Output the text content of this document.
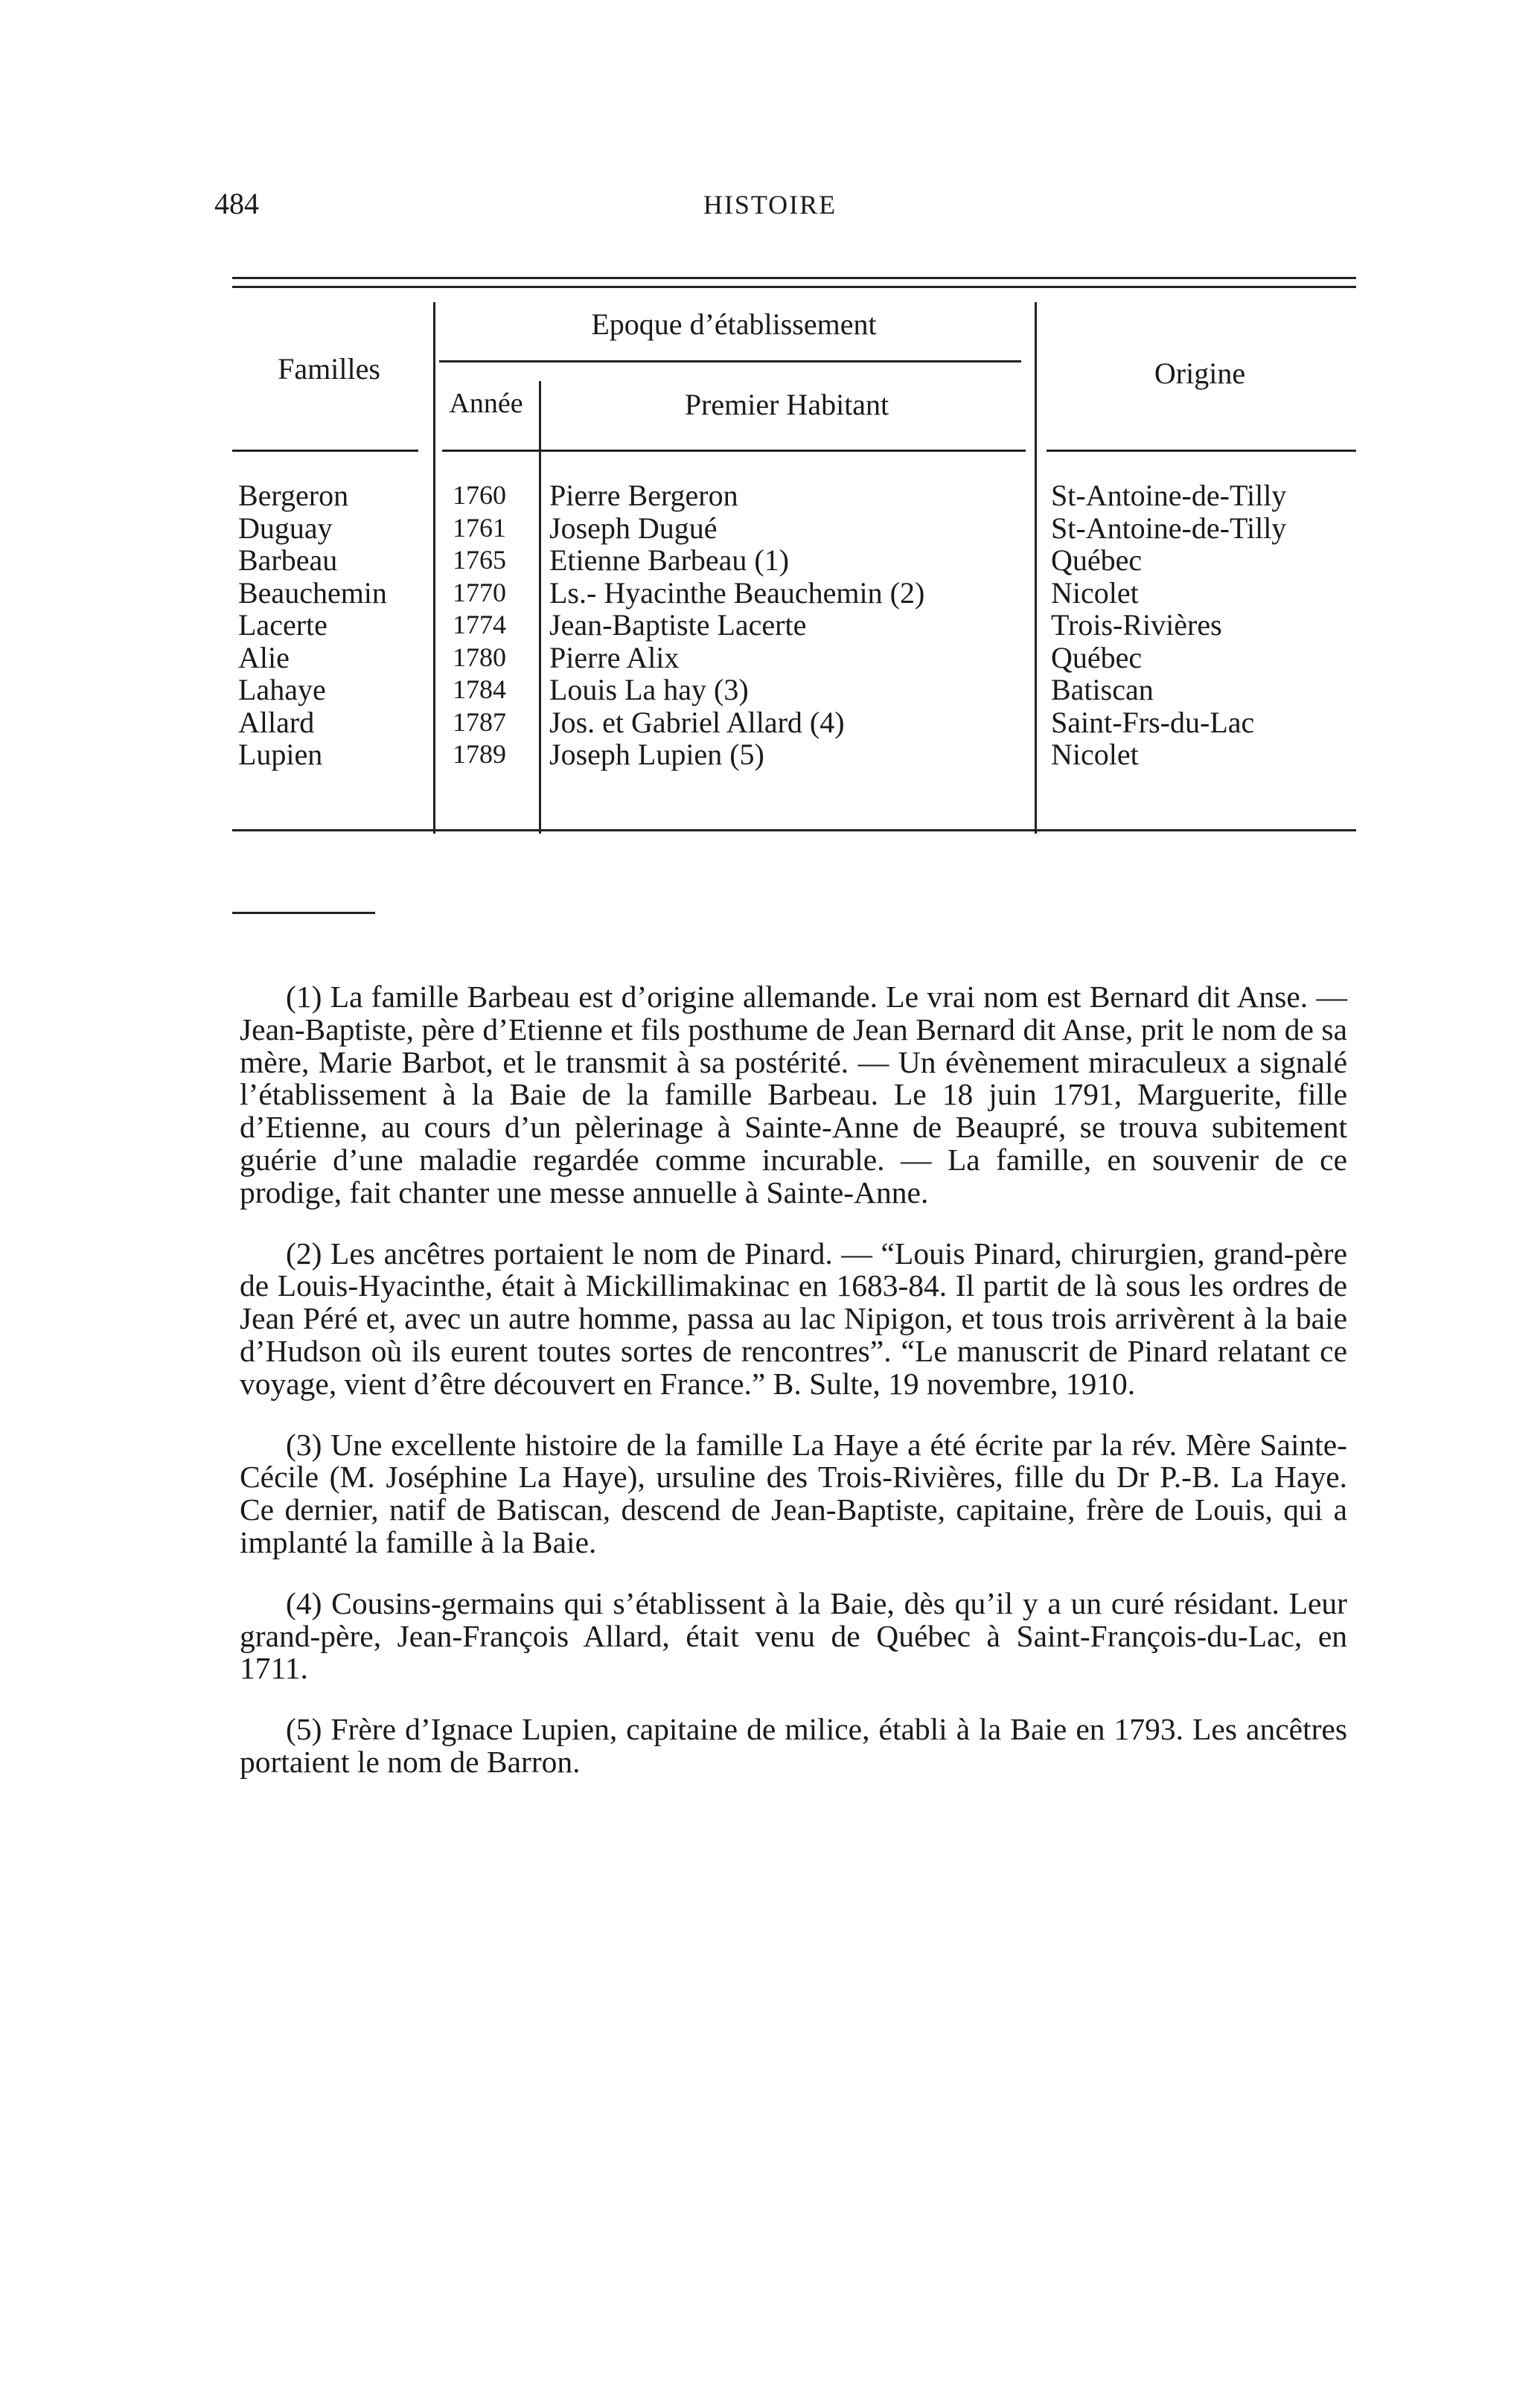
484	HISTOIRE
Familles
Epoque d’établissement
Année	Premier Habitant
Origine
Bergeron
Duguay
Barbeau
Beauchemin
Lacerte
Alie
Lahaye
Allard
Lupien
1760
1761
1765
1770
1774
1780
1784
1787
1789
Pierre Bergeron
Joseph Dugué
Etienne Barbeau (1)
Ls.- Hyacinthe Beauchemin (2)
Jean-Baptiste Lacerte
Pierre Alix
Louis La hay (3)
Jos. et Gabriel Allard (4)
Joseph Lupien (5)
St-Antoine-de-Tilly
St-Antoine-de-Tilly
Québec
Nicolet
Trois-Rivières
Québec
Batiscan
Saint-Frs-du-Lac
Nicolet

(1) La famille Barbeau est d’origine allemande. Le vrai nom est Bernard dit Anse. — Jean-Baptiste, père d’Etienne et fils posthume de Jean Bernard dit Anse, prit le nom de sa mère, Marie Barbot, et le transmit à sa postérité. — Un évènement miraculeux a signalé l’établissement à la Baie de la famille Barbeau. Le 18 juin 1791, Marguerite, fille d’Etienne, au cours d’un pèlerinage à Sainte-Anne de Beaupré, se trouva subitement guérie d’une maladie regardée comme incurable. — La famille, en souvenir de ce prodige, fait chanter une messe annuelle à Sainte-Anne.

(2) Les ancêtres portaient le nom de Pinard. — “Louis Pinard, chirurgien, grand-père de Louis-Hyacinthe, était à Mickillimakinac en 1683-84. Il partit de là sous les ordres de Jean Péré et, avec un autre homme, passa au lac Nipigon, et tous trois arrivèrent à la baie d’Hudson où ils eurent toutes sortes de rencontres”. “Le manuscrit de Pinard relatant ce voyage, vient d’être découvert en France.” B. Sulte, 19 novembre, 1910.

(3) Une excellente histoire de la famille La Haye a été écrite par la rév. Mère Sainte-Cécile (M. Joséphine La Haye), ursuline des Trois-Rivières, fille du Dr P.-B. La Haye. Ce dernier, natif de Batiscan, descend de Jean-Baptiste, capitaine, frère de Louis, qui a implanté la famille à la Baie.

(4) Cousins-germains qui s’établissent à la Baie, dès qu’il y a un curé résidant. Leur grand-père, Jean-François Allard, était venu de Québec à Saint-François-du-Lac, en 1711.

(5) Frère d’Ignace Lupien, capitaine de milice, établi à la Baie en 1793. Les ancêtres portaient le nom de Barron.
